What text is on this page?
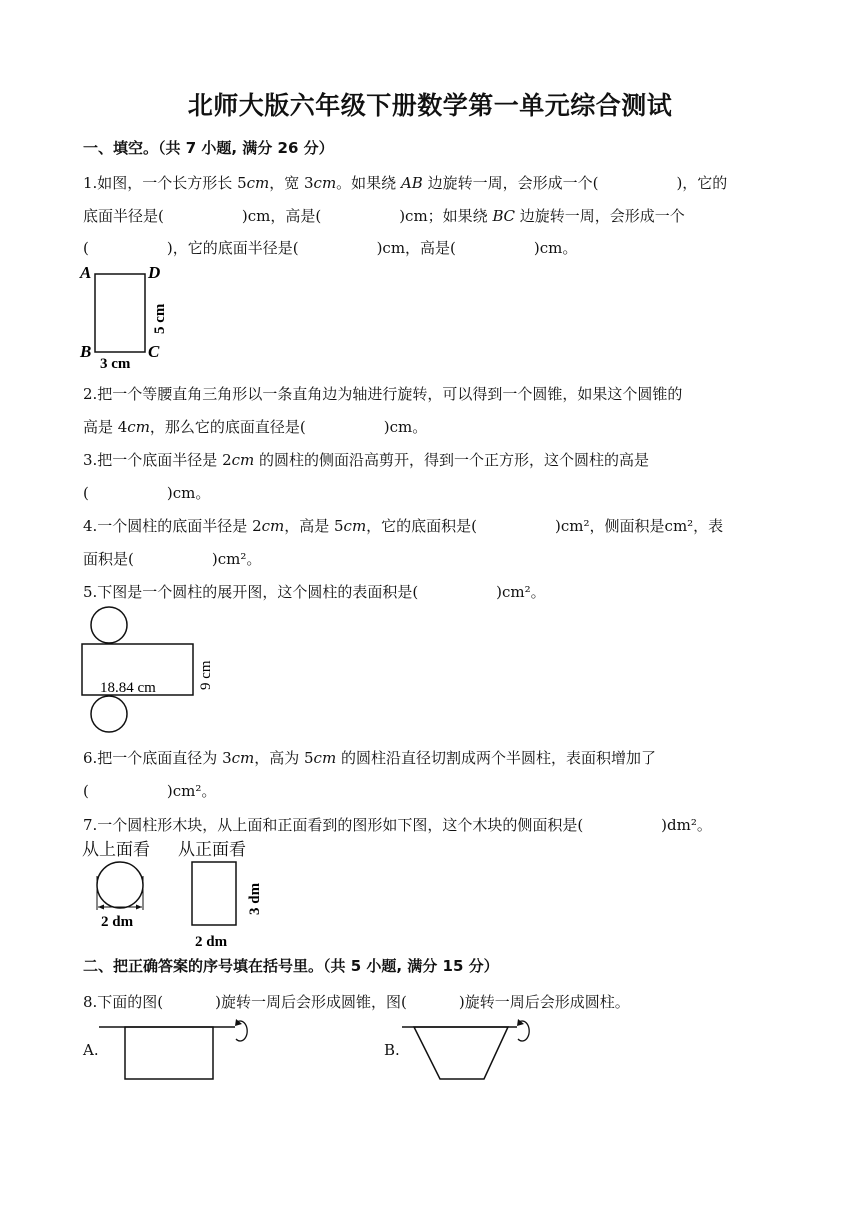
北师大版六年级下册数学第一单元综合测试
一、填空。（共 7 小题, 满分 26 分）
1.如图，一个长方形长 5𝑐𝑚，宽 3𝑐𝑚。如果绕 𝐴𝐵 边旋转一周，会形成一个(	)，它的
底面半径是(	)cm，高是(	)cm；如果绕 𝐵𝐶 边旋转一周，会形成一个
(	)，它的底面半径是(	)cm，高是(	)cm。
A	D
B	C
3 cm
5 cm
2.把一个等腰直角三角形以一条直角边为轴进行旋转，可以得到一个圆锥，如果这个圆锥的
高是 4𝑐𝑚，那么它的底面直径是(	)cm。
3.把一个底面半径是 2𝑐𝑚 的圆柱的侧面沿高剪开，得到一个正方形，这个圆柱的高是
(	)cm。
4.一个圆柱的底面半径是 2𝑐𝑚，高是 5𝑐𝑚，它的底面积是(	)cm²，侧面积是cm²，表
面积是(	)cm²。
5.下图是一个圆柱的展开图，这个圆柱的表面积是(	)cm²。
18.84 cm	9 cm
6.把一个底面直径为 3𝑐𝑚，高为 5𝑐𝑚 的圆柱沿直径切割成两个半圆柱，表面积增加了
(	)cm²。
7.一个圆柱形木块，从上面和正面看到的图形如下图，这个木块的侧面积是(	)dm²。
从上面看 从正面看
2 dm
3 dm
2 dm
二、把正确答案的序号填在括号里。（共 5 小题, 满分 15 分）
8.下面的图(	)旋转一周后会形成圆锥，图(	)旋转一周后会形成圆柱。
A.	B.
